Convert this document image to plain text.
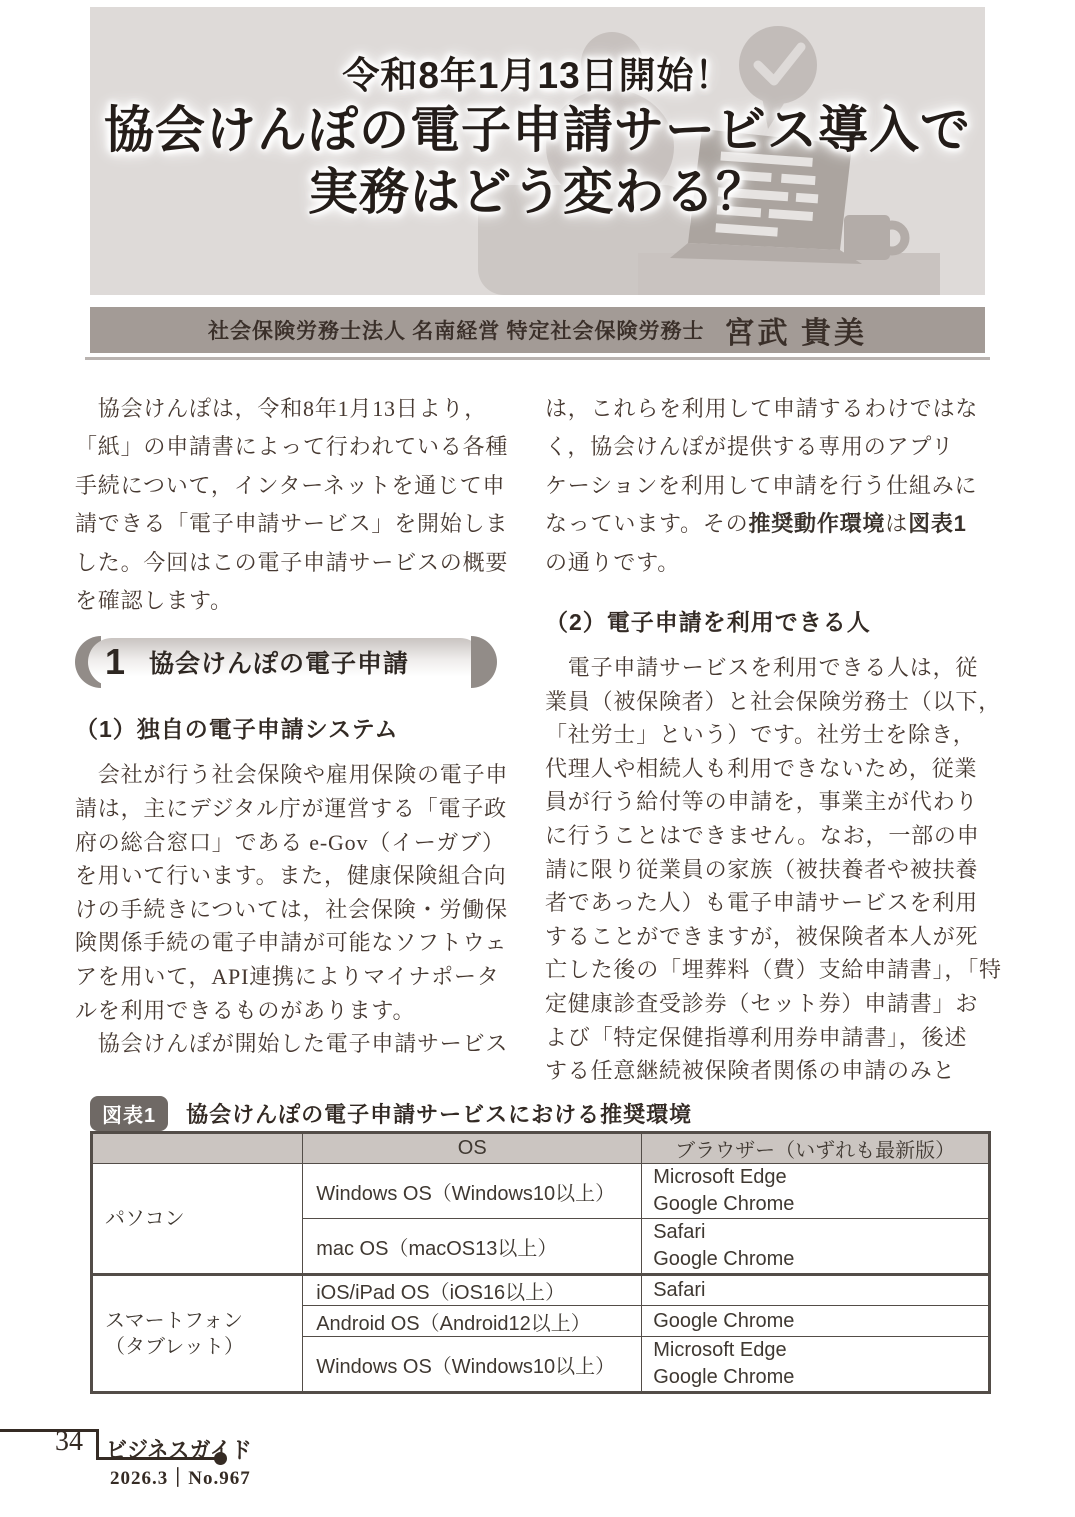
令和8年1月13日開始！
協会けんぽの電子申請サービス導入で
実務はどう変わる？
社会保険労務士法人 名南経営 特定社会保険労務士 宮武 貴美
　協会けんぽは，令和8年1月13日より，
「紙」の申請書によって行われている各種
手続について，インターネットを通じて申
請できる「電子申請サービス」を開始しま
した。今回はこの電子申請サービスの概要
を確認します。
1 協会けんぽの電子申請
（1）独自の電子申請システム
　会社が行う社会保険や雇用保険の電子申
請は，主にデジタル庁が運営する「電子政
府の総合窓口」である e-Gov（イーガブ）
を用いて行います。また，健康保険組合向
けの手続きについては，社会保険・労働保
険関係手続の電子申請が可能なソフトウェ
アを用いて，API連携によりマイナポータ
ルを利用できるものがあります。
　協会けんぽが開始した電子申請サービス
は，これらを利用して申請するわけではな
く，協会けんぽが提供する専用のアプリ
ケーションを利用して申請を行う仕組みに
なっています。その推奨動作環境は図表1
の通りです。
（2）電子申請を利用できる人
　電子申請サービスを利用できる人は，従
業員（被保険者）と社会保険労務士（以下，
「社労士」という）です。社労士を除き，
代理人や相続人も利用できないため，従業
員が行う給付等の申請を，事業主が代わり
に行うことはできません。なお，一部の申
請に限り従業員の家族（被扶養者や被扶養
者であった人）も電子申請サービスを利用
することができますが，被保険者本人が死
亡した後の「埋葬料（費）支給申請書」，「特
定健康診査受診券（セット券）申請書」お
よび「特定保健指導利用券申請書」，後述
する任意継続被保険者関係の申請のみと
図表1	協会けんぽの電子申請サービスにおける推奨環境
	OS	ブラウザー（いずれも最新版）

パソコン	Windows OS（Windows10以上）	Microsoft Edge
Google Chrome

	mac OS（macOS13以上）	Safari
Google Chrome

スマートフォン
（タブレット）	iOS/iPad OS（iOS16以上）	Safari

	Android OS（Android12以上）	Google Chrome

	Windows OS（Windows10以上）	Microsoft Edge
Google Chrome
34 ビジネスガイド
2026.3｜No.967
